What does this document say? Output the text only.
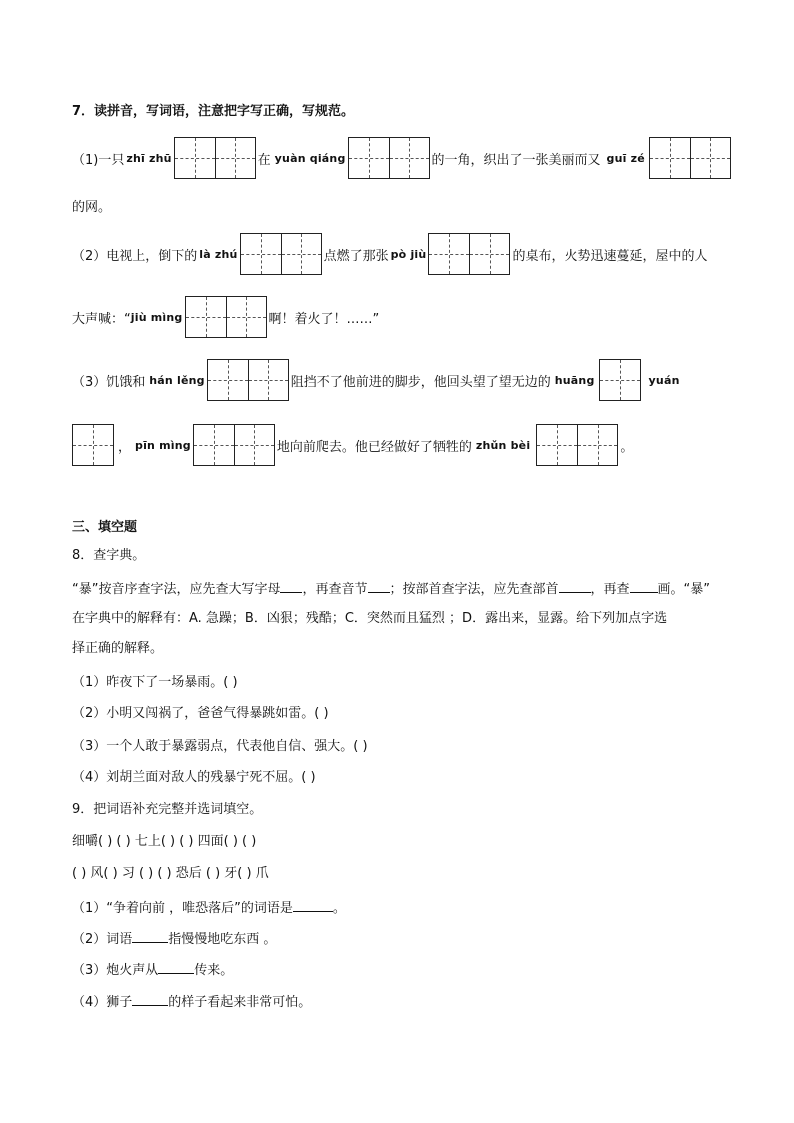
7．读拼音，写词语，注意把字写正确，写规范。
（1)一只 zhī zhū	在 yuàn qiáng	的一角，织出了一张美丽而又 guī zé
的网。
（2）电视上，倒下的 là zhú	点燃了那张 pò jiù	的桌布，火势迅速蔓延，屋中的人
大声喊：“ jiù mìng	啊！着火了！……”
（3）饥饿和 hán lěng	阻挡不了他前进的脚步，他回头望了望无边的 huāng	yuán
， pīn mìng	地向前爬去。他已经做好了牺牲的 zhǔn bèi	。
三、填空题
8．查字典。
“暴”按音序查字法，应先查大写字母 ，再查音节 ；按部首查字法，应先查部首 ，再查 画。“暴”
在字典中的解释有：A. 急躁；B．凶狠；残酷；C．突然而且猛烈 ；D．露出来，显露。给下列加点字选
择正确的解释。
（1）昨夜下了一场暴雨。( )
（2）小明又闯祸了，爸爸气得暴跳如雷。( )
（3）一个人敢于暴露弱点，代表他自信、强大。( )
（4）刘胡兰面对敌人的残暴宁死不屈。( )
9．把词语补充完整并选词填空。
细嚼( ) ( ) 七上( ) ( ) 四面( ) ( )
( ) 风( ) 习 ( ) ( ) 恐后 ( ) 牙( ) 爪
（1）“争着向前 ，唯恐落后”的词语是	。
（2）词语	指慢慢地吃东西 。
（3）炮火声从	传来。
（4）狮子	的样子看起来非常可怕。
